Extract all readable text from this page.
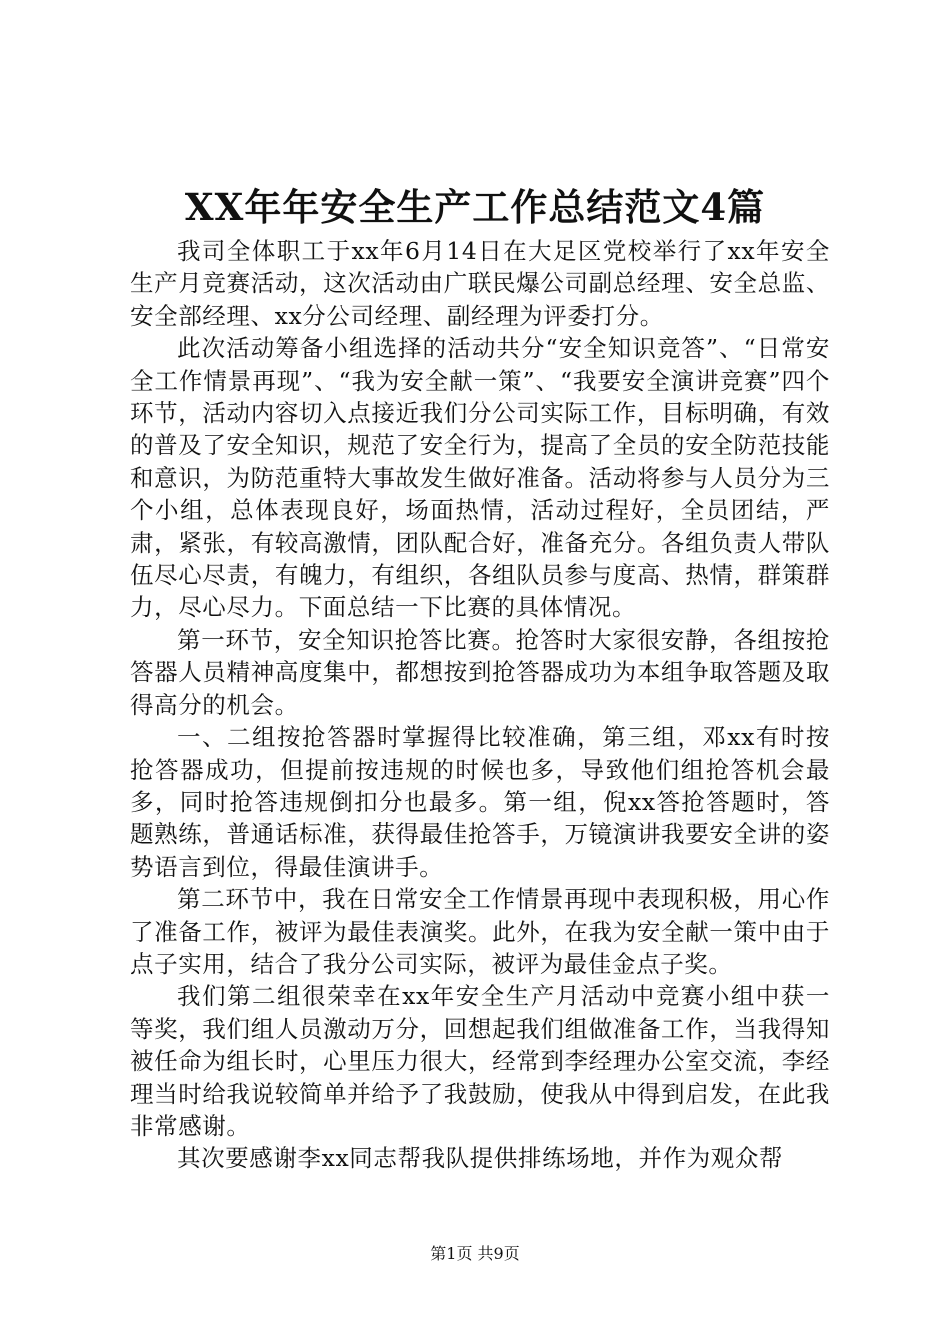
XX年年安全生产工作总结范文4篇

我司全体职工于xx年6月14日在大足区党校举行了xx年安全生产月竞赛活动，这次活动由广联民爆公司副总经理、安全总监、安全部经理、xx分公司经理、副经理为评委打分。

此次活动筹备小组选择的活动共分“安全知识竞答”、“日常安全工作情景再现”、“我为安全献一策”、“我要安全演讲竞赛”四个环节，活动内容切入点接近我们分公司实际工作，目标明确，有效的普及了安全知识，规范了安全行为，提高了全员的安全防范技能和意识，为防范重特大事故发生做好准备。活动将参与人员分为三个小组，总体表现良好，场面热情，活动过程好，全员团结，严肃，紧张，有较高激情，团队配合好，准备充分。各组负责人带队伍尽心尽责，有魄力，有组织，各组队员参与度高、热情，群策群力，尽心尽力。下面总结一下比赛的具体情况。

第一环节，安全知识抢答比赛。抢答时大家很安静，各组按抢答器人员精神高度集中，都想按到抢答器成功为本组争取答题及取得高分的机会。

一、二组按抢答器时掌握得比较准确，第三组，邓xx有时按抢答器成功，但提前按违规的时候也多，导致他们组抢答机会最多，同时抢答违规倒扣分也最多。第一组，倪xx答抢答题时，答题熟练，普通话标准，获得最佳抢答手，万镜演讲我要安全讲的姿势语言到位，得最佳演讲手。

第二环节中，我在日常安全工作情景再现中表现积极，用心作了准备工作，被评为最佳表演奖。此外，在我为安全献一策中由于点子实用，结合了我分公司实际，被评为最佳金点子奖。

我们第二组很荣幸在xx年安全生产月活动中竞赛小组中获一等奖，我们组人员激动万分，回想起我们组做准备工作，当我得知被任命为组长时，心里压力很大，经常到李经理办公室交流，李经理当时给我说较简单并给予了我鼓励，使我从中得到启发，在此我非常感谢。

其次要感谢李xx同志帮我队提供排练场地，并作为观众帮

第1页 共9页
